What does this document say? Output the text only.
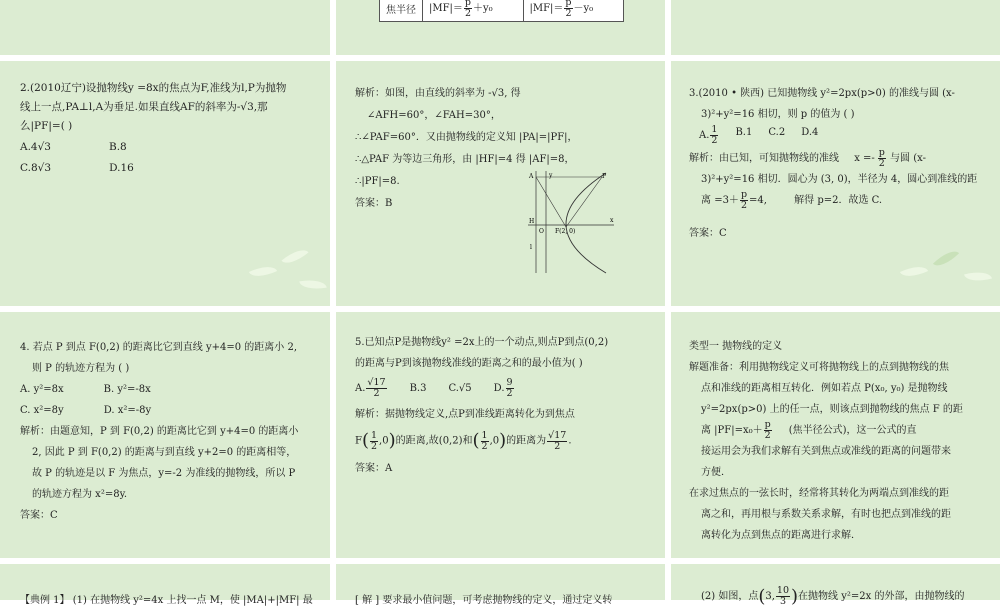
焦半径	$|MF|= \frac{p}{2} +y_0$	$|MF|= \frac{p}{2} -y_0$

2.(2010辽宁)设抛物线y =8x的焦点为F,准线为l,P为抛物

线上一点,PA⊥l,A为垂足.如果直线AF的斜率为-√3,那

么|PF|=( )

A.4√3	B.8
C.8√3	D.16

解析：如图，由直线的斜率为 -√3, 得

∠AFH=60°，∠FAH=30°，

∴∠PAF=60°．又由抛物线的定义知 |PA|=|PF|，

∴△PAF 为等边三角形，由 |HF|=4 得 |AF|=8，

∴|PF|=8.

答案：B

y
x
A	P
H
O F(2, 0)
l

3.(2010 • 陕西) 已知抛物线 y²=2px(p>0) 的准线与圆 (x-

3)²+y²=16 相切，则 p 的值为 ( )

A. $\frac{1}{2} B.1$ C.2 D.4

解析：由已知，可知抛物线的准线 $x =- \frac{p}{2}$ 与圆 (x-

3)²+y²=16 相切．圆心为 (3, 0)，半径为 4，圆心到准线的距

离 $=3+ \frac{p}{2} =4$,	解得 p=2．故选 C.

答案：C

4. 若点 P 到点 F(0,2) 的距离比它到直线 y+4=0 的距离小 2,

则 P 的轨迹方程为 ( )

A. y²=8x	B. y²=-8x
C. x²=8y	D. x²=-8y

解析：由题意知，P 到 F(0,2) 的距离比它到 y+4=0 的距离小

2, 因此 P 到 F(0,2) 的距离与到直线 y+2=0 的距离相等，

故 P 的轨迹是以 F 为焦点，y=-2 为准线的抛物线，所以 P

的轨迹方程为 x²=8y.

答案：C

5.已知点P是抛物线y² =2x上的一个动点,则点P到点(0,2)

的距离与P到该抛物线准线的距离之和的最小值为( )

A. $\frac{√17}{2} B.3$ C.√5 D. $\frac{9}{2}$

解析：据抛物线定义,点P到准线距离转化为到焦点

$F( \frac{1}{2} ,0)$的距离,故(0,2)和( $\frac{1}{2} ,0$)的距离为 $\frac{√17}{2}$ .

答案：A

类型一 抛物线的定义

解题准备：利用抛物线定义可将抛物线上的点到抛物线的焦

点和准线的距离相互转化．例如若点 P(x₀, y₀) 是抛物线

y²=2px(p>0) 上的任一点，则该点到抛物线的焦点 F 的距

离 $|PF|=x_0+ \frac{p}{2}$ (焦半径公式)，这一公式的直

接运用会为我们求解有关到焦点或准线的距离的问题带来

方便．

在求过焦点的一弦长时，经常将其转化为两端点到准线的距

离之和，再用根与系数关系求解，有时也把点到准线的距

离转化为点到焦点的距离进行求解．

【典例 1】 (1) 在抛物线 y²=4x 上找一点 M，使 |MA|+|MF| 最	[ 解 ] 要求最小值问题，可考虑抛物线的定义，通过定义转	(2) 如图，点(3, $\frac{10}{3}$ )在抛物线 y²=2x 的外部，由抛物线的
